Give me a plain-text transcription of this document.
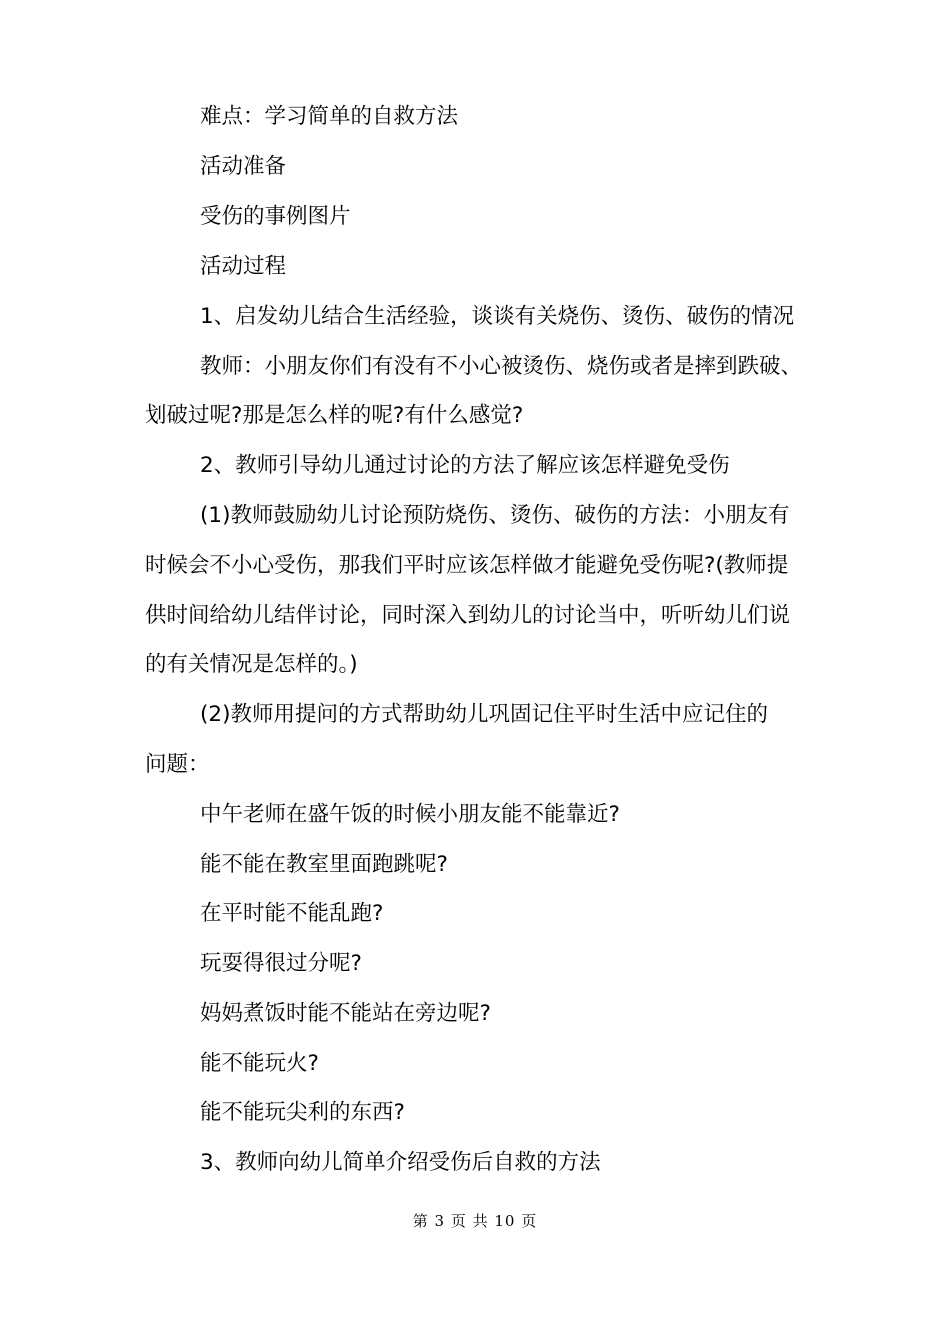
难点：学习简单的自救方法
活动准备
受伤的事例图片
活动过程
1、启发幼儿结合生活经验，谈谈有关烧伤、烫伤、破伤的情况
教师：小朋友你们有没有不小心被烫伤、烧伤或者是摔到跌破、
划破过呢?那是怎么样的呢?有什么感觉?
2、教师引导幼儿通过讨论的方法了解应该怎样避免受伤
(1)教师鼓励幼儿讨论预防烧伤、烫伤、破伤的方法：小朋友有
时候会不小心受伤，那我们平时应该怎样做才能避免受伤呢?(教师提
供时间给幼儿结伴讨论，同时深入到幼儿的讨论当中，听听幼儿们说
的有关情况是怎样的。)
(2)教师用提问的方式帮助幼儿巩固记住平时生活中应记住的
问题：
中午老师在盛午饭的时候小朋友能不能靠近?
能不能在教室里面跑跳呢?
在平时能不能乱跑?
玩耍得很过分呢?
妈妈煮饭时能不能站在旁边呢?
能不能玩火?
能不能玩尖利的东西?
3、教师向幼儿简单介绍受伤后自救的方法
第 3 页 共 10 页
